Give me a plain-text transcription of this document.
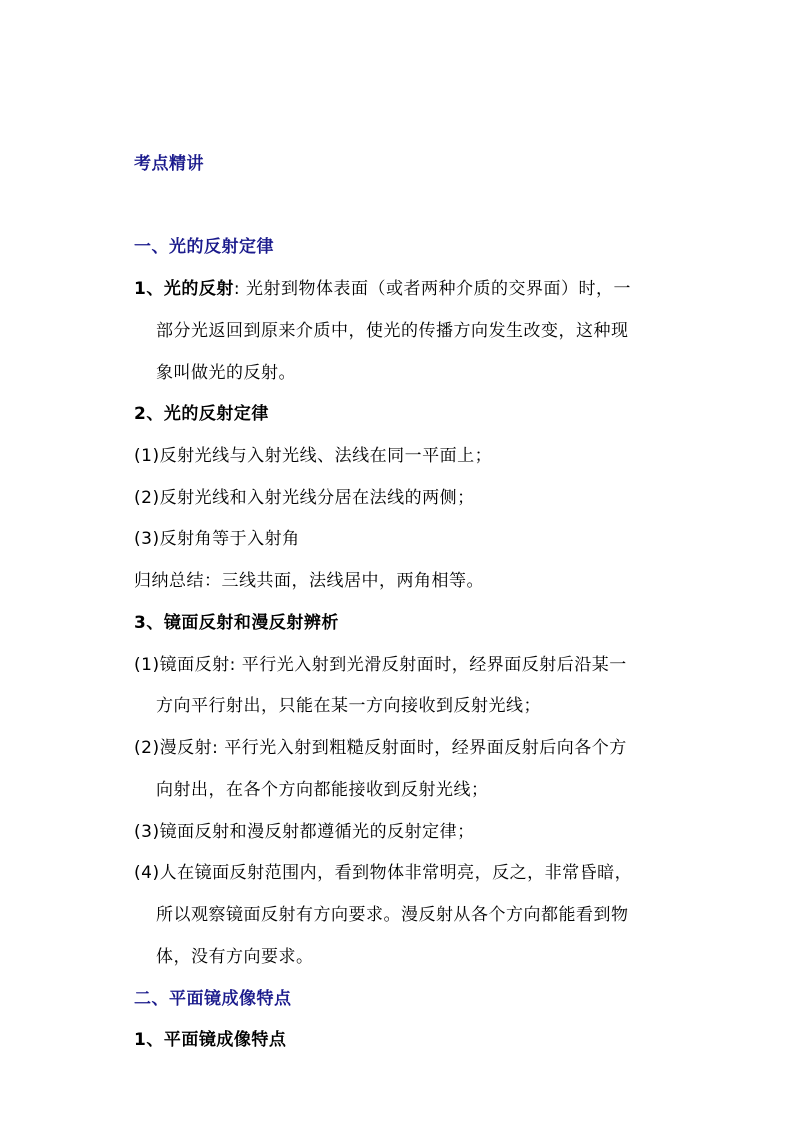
考点精讲
一、光的反射定律
1、光的反射: 光射到物体表面（或者两种介质的交界面）时，一
部分光返回到原来介质中，使光的传播方向发生改变，这种现
象叫做光的反射。
2、光的反射定律
(1)反射光线与入射光线、法线在同一平面上；
(2)反射光线和入射光线分居在法线的两侧；
(3)反射角等于入射角
归纳总结：三线共面，法线居中，两角相等。
3、镜面反射和漫反射辨析
(1)镜面反射: 平行光入射到光滑反射面时，经界面反射后沿某一
方向平行射出，只能在某一方向接收到反射光线；
(2)漫反射: 平行光入射到粗糙反射面时，经界面反射后向各个方
向射出，在各个方向都能接收到反射光线；
(3)镜面反射和漫反射都遵循光的反射定律；
(4)人在镜面反射范围内，看到物体非常明亮，反之，非常昏暗，
所以观察镜面反射有方向要求。漫反射从各个方向都能看到物
体，没有方向要求。
二、平面镜成像特点
1、平面镜成像特点
